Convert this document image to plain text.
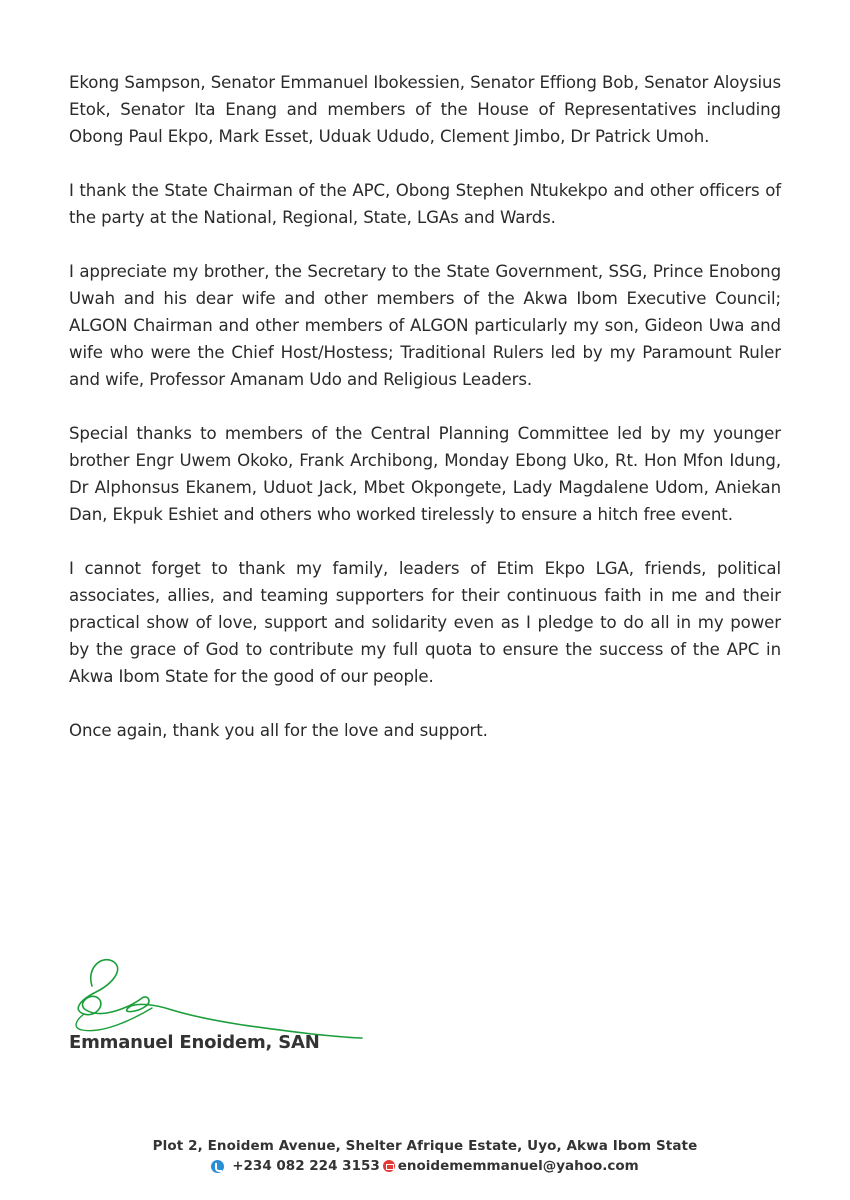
Ekong Sampson, Senator Emmanuel Ibokessien, Senator Effiong Bob, Senator Aloysius Etok, Senator Ita Enang and members of the House of Representatives including Obong Paul Ekpo, Mark Esset, Uduak Ududo, Clement Jimbo, Dr Patrick Umoh.

I thank the State Chairman of the APC, Obong Stephen Ntukekpo and other officers of the party at the National, Regional, State, LGAs and Wards.

I appreciate my brother, the Secretary to the State Government, SSG, Prince Enobong Uwah and his dear wife and other members of the Akwa Ibom Executive Council; ALGON Chairman and other members of ALGON particularly my son, Gideon Uwa and wife who were the Chief Host/Hostess; Traditional Rulers led by my Paramount Ruler and wife, Professor Amanam Udo and Religious Leaders.

Special thanks to members of the Central Planning Committee led by my younger brother Engr Uwem Okoko, Frank Archibong, Monday Ebong Uko, Rt. Hon Mfon Idung, Dr Alphonsus Ekanem, Uduot Jack, Mbet Okpongete, Lady Magdalene Udom, Aniekan Dan, Ekpuk Eshiet and others who worked tirelessly to ensure a hitch free event.

I cannot forget to thank my family, leaders of Etim Ekpo LGA, friends, political associates, allies, and teaming supporters for their continuous faith in me and their practical show of love, support and solidarity even as I pledge to do all in my power by the grace of God to contribute my full quota to ensure the success of the APC in Akwa Ibom State for the good of our people.

Once again, thank you all for the love and support.

Emmanuel Enoidem, SAN
Plot 2, Enoidem Avenue, Shelter Afrique Estate, Uyo, Akwa Ibom State
+234 082 224 3153 enoidememmanuel@yahoo.com
